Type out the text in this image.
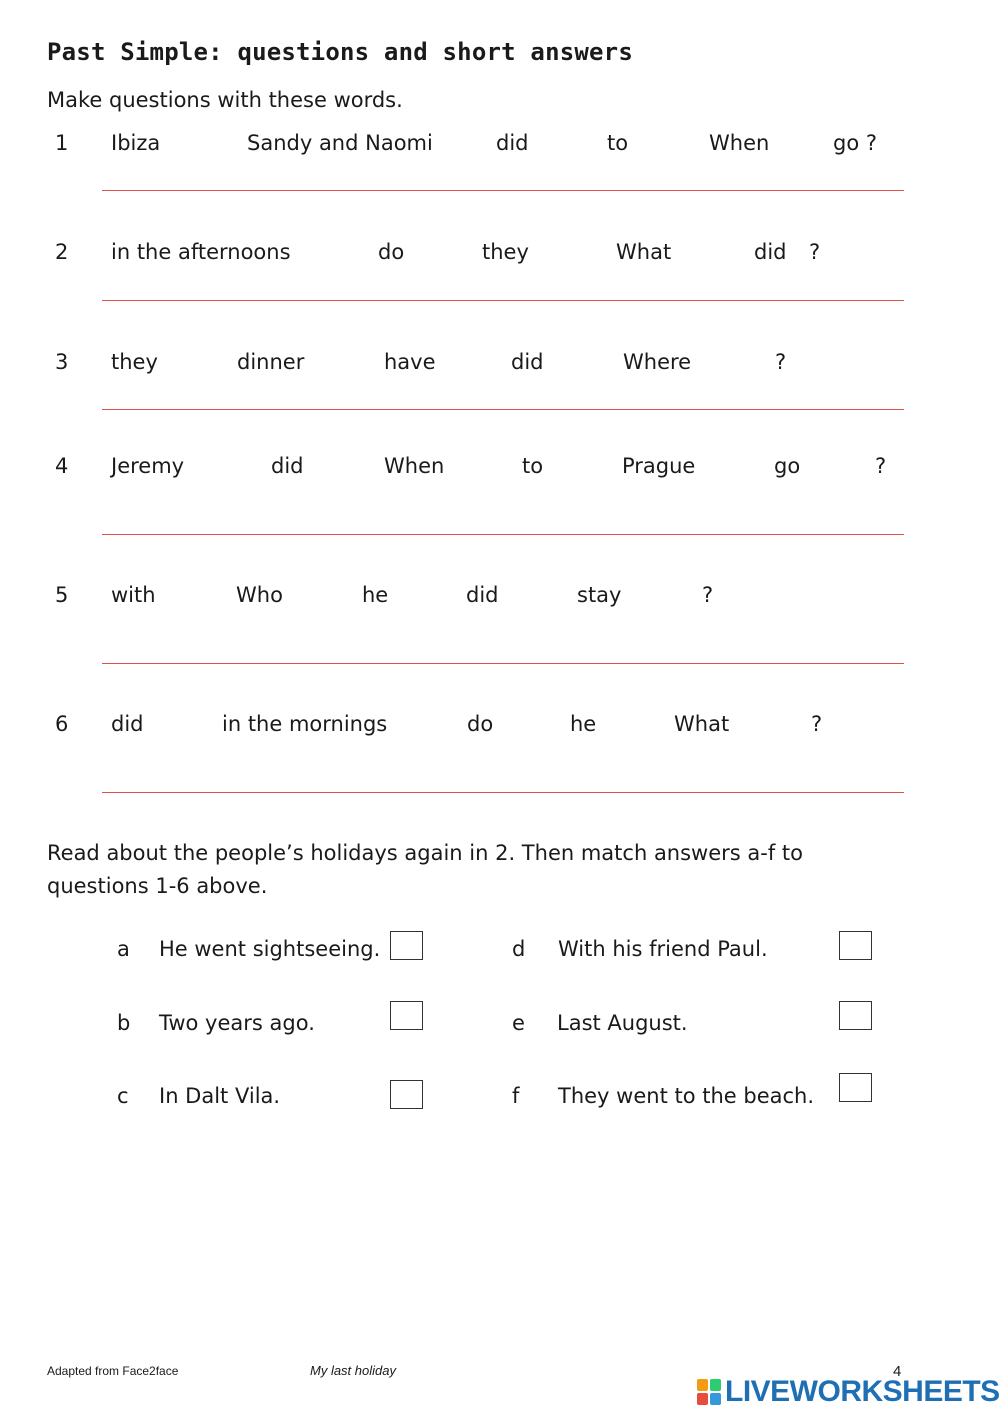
Past Simple: questions and short answers
Make questions with these words.
1 Ibiza	Sandy and Naomi	did	to	When	go ?
2 in the afternoons	do	they	What	did ?
3 they	dinner	have	did	Where	?
4 Jeremy	did	When	to	Prague	go	?
5 with	Who	he	did	stay	?
6 did	in the mornings	do	he	What	?
Read about the people’s holidays again in 2. Then match answers a-f to
questions 1-6 above.
a He went sightseeing.
b Two years ago.
c In Dalt Vila.
d With his friend Paul.
e Last August.
f They went to the beach.
Adapted from Face2face	My last holiday	4
LIVEWORKSHEETS
